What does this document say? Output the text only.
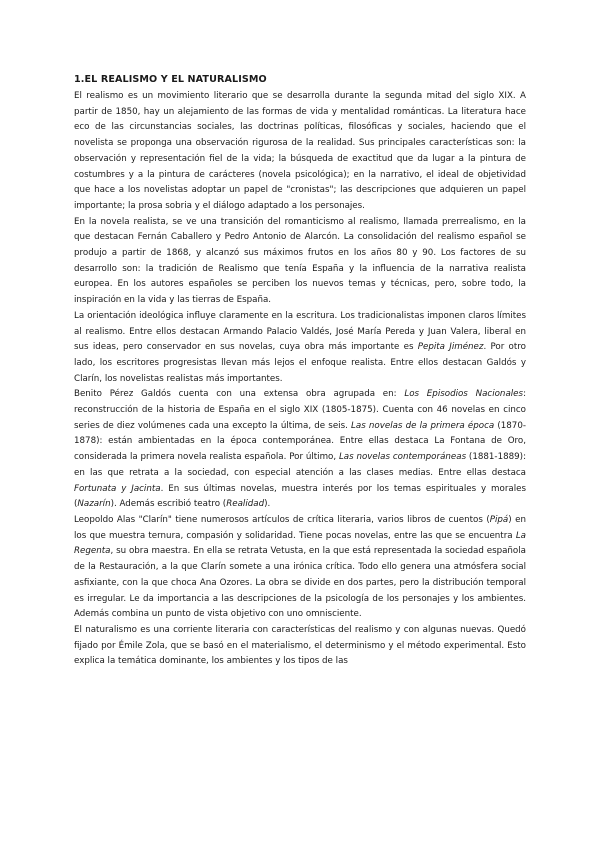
1.EL REALISMO Y EL NATURALISMO

El realismo es un movimiento literario que se desarrolla durante la segunda mitad del siglo XIX. A partir de 1850, hay un alejamiento de las formas de vida y mentalidad románticas. La literatura hace eco de las circunstancias sociales, las doctrinas políticas, filosóficas y sociales, haciendo que el novelista se proponga una observación rigurosa de la realidad. Sus principales características son: la observación y representación fiel de la vida; la búsqueda de exactitud que da lugar a la pintura de costumbres y a la pintura de carácteres (novela psicológica); en la narrativo, el ideal de objetividad que hace a los novelistas adoptar un papel de "cronistas"; las descripciones que adquieren un papel importante; la prosa sobria y el diálogo adaptado a los personajes.

En la novela realista, se ve una transición del romanticismo al realismo, llamada prerrealismo, en la que destacan Fernán Caballero y Pedro Antonio de Alarcón. La consolidación del realismo español se produjo a partir de 1868, y alcanzó sus máximos frutos en los años 80 y 90. Los factores de su desarrollo son: la tradición de Realismo que tenía España y la influencia de la narrativa realista europea. En los autores españoles se perciben los nuevos temas y técnicas, pero, sobre todo, la inspiración en la vida y las tierras de España.

La orientación ideológica influye claramente en la escritura. Los tradicionalistas imponen claros límites al realismo. Entre ellos destacan Armando Palacio Valdés, José María Pereda y Juan Valera, liberal en sus ideas, pero conservador en sus novelas, cuya obra más importante es Pepita Jiménez. Por otro lado, los escritores progresistas llevan más lejos el enfoque realista. Entre ellos destacan Galdós y Clarín, los novelistas realistas más importantes.

Benito Pérez Galdós cuenta con una extensa obra agrupada en: Los Episodios Nacionales: reconstrucción de la historia de España en el siglo XIX (1805-1875). Cuenta con 46 novelas en cinco series de diez volúmenes cada una excepto la última, de seis. Las novelas de la primera época (1870-1878): están ambientadas en la época contemporánea. Entre ellas destaca La Fontana de Oro, considerada la primera novela realista española. Por último, Las novelas contemporáneas (1881-1889): en las que retrata a la sociedad, con especial atención a las clases medias. Entre ellas destaca Fortunata y Jacinta. En sus últimas novelas, muestra interés por los temas espirituales y morales (Nazarín). Además escribió teatro (Realidad).

Leopoldo Alas "Clarín" tiene numerosos artículos de crítica literaria, varios libros de cuentos (Pipá) en los que muestra ternura, compasión y solidaridad. Tiene pocas novelas, entre las que se encuentra La Regenta, su obra maestra. En ella se retrata Vetusta, en la que está representada la sociedad española de la Restauración, a la que Clarín somete a una irónica crítica. Todo ello genera una atmósfera social asfixiante, con la que choca Ana Ozores. La obra se divide en dos partes, pero la distribución temporal es irregular. Le da importancia a las descripciones de la psicología de los personajes y los ambientes. Además combina un punto de vista objetivo con uno omnisciente.

El naturalismo es una corriente literaria con características del realismo y con algunas nuevas. Quedó fijado por Émile Zola, que se basó en el materialismo, el determinismo y el método experimental. Esto explica la temática dominante, los ambientes y los tipos de las
